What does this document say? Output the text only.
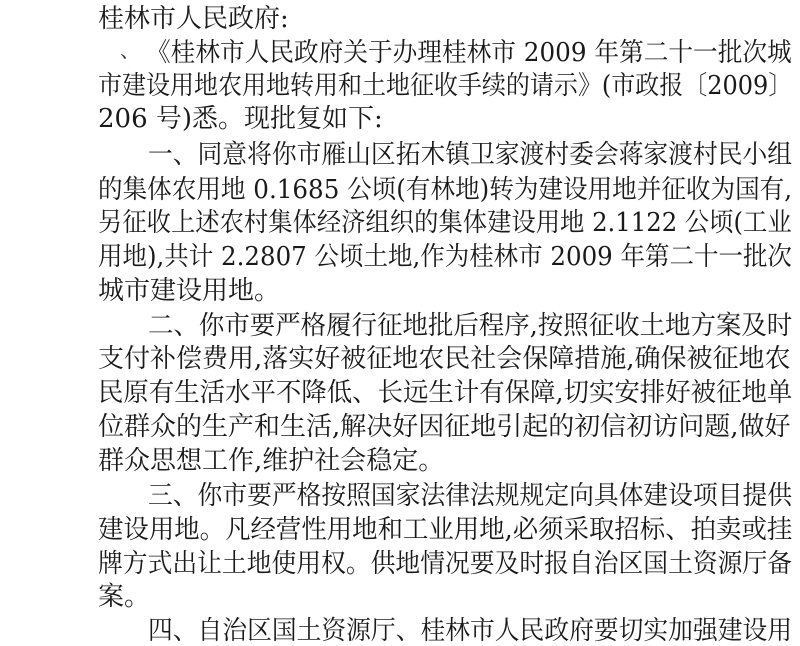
桂林市人民政府:
、 《桂林市人民政府关于办理桂林市 2009 年第二十一批次城
市建设用地农用地转用和土地征收手续的请示》(市政报〔2009〕
206 号)悉。现批复如下:
一、同意将你市雁山区拓木镇卫家渡村委会蒋家渡村民小组
的集体农用地 0.1685 公顷(有林地)转为建设用地并征收为国有,
另征收上述农村集体经济组织的集体建设用地 2.1122 公顷(工业
用地),共计 2.2807 公顷土地,作为桂林市 2009 年第二十一批次
城市建设用地。
二、你市要严格履行征地批后程序,按照征收土地方案及时
支付补偿费用,落实好被征地农民社会保障措施,确保被征地农
民原有生活水平不降低、长远生计有保障,切实安排好被征地单
位群众的生产和生活,解决好因征地引起的初信初访问题,做好
群众思想工作,维护社会稳定。
三、你市要严格按照国家法律法规规定向具体建设项目提供
建设用地。凡经营性用地和工业用地,必须采取招标、拍卖或挂
牌方式出让土地使用权。供地情况要及时报自治区国土资源厅备
案。
四、自治区国土资源厅、桂林市人民政府要切实加强建设用
